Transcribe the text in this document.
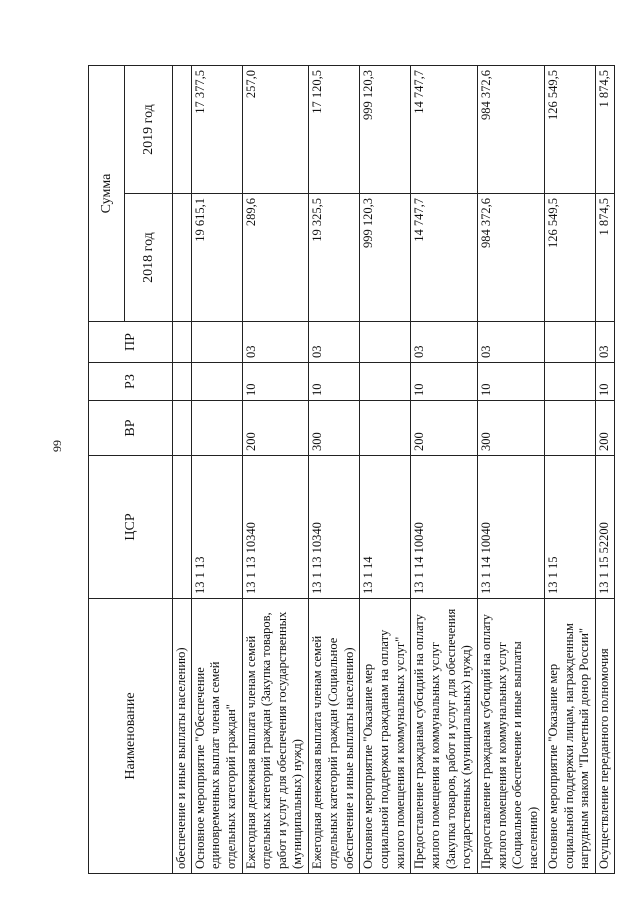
99
Наименование	ЦСР	ВР	РЗ	ПР	Сумма	
					2018 год	2019 год
обеспечение и иные выплаты населению)						
Основное мероприятие "Обеспечение единовременных выплат членам семей отдельных категорий граждан"	13 1 13				19 615,1	17 377,5
Ежегодная денежная выплата членам семей отдельных категорий граждан (Закупка товаров, работ и услуг для обеспечения государственных (муниципальных) нужд)	13 1 13 10340	200	10	03	289,6	257,0
Ежегодная денежная выплата членам семей отдельных категорий граждан (Социальное обеспечение и иные выплаты населению)	13 1 13 10340	300	10	03	19 325,5	17 120,5
Основное мероприятие "Оказание мер социальной поддержки гражданам на оплату жилого помещения и коммунальных услуг"	13 1 14				999 120,3	999 120,3
Предоставление гражданам субсидий на оплату жилого помещения и коммунальных услуг (Закупка товаров, работ и услуг для обеспечения государственных (муниципальных) нужд)	13 1 14 10040	200	10	03	14 747,7	14 747,7
Предоставление гражданам субсидий на оплату жилого помещения и коммунальных услуг (Социальное обеспечение и иные выплаты населению)	13 1 14 10040	300	10	03	984 372,6	984 372,6
Основное мероприятие "Оказание мер социальной поддержки лицам, награжденным нагрудным знаком "Почетный донор России"	13 1 15				126 549,5	126 549,5
Осуществление переданного полномочия	13 1 15 52200	200	10	03	1 874,5	1 874,5
